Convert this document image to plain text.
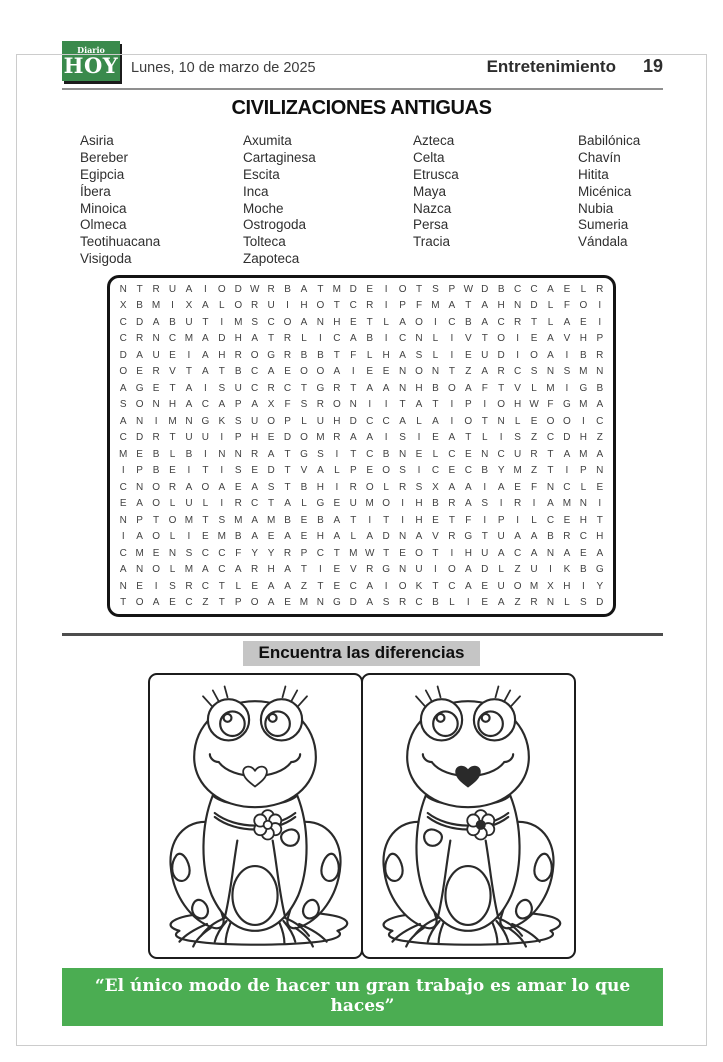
Diario
HOY Lunes, 10 de marzo de 2025	Entretenimiento 19
CIVILIZACIONES ANTIGUAS
Asiria
Bereber
Egipcia
Íbera
Minoica
Olmeca
Teotihuacana
Visigoda
Axumita
Cartaginesa
Escita
Inca
Moche
Ostrogoda
Tolteca
Zapoteca
Azteca
Celta
Etrusca
Maya
Nazca
Persa
Tracia
Babilónica
Chavín
Hitita
Micénica
Nubia
Sumeria
Vándala
N T R U A	I	O D W R B A	T M D E	I	O T	S P W D B C C A E	L	R
X B M	I	X A	L O R U	I	H O T C R	I	P	F M A	T	A H N D	L	F O	I
C D A B U T	I	M S C O A N H E	T	L	A O	I	C B A C R T	L	A E	I
C R N C M A D H A	T R	L	I	C A B	I	C N	L	I	V	T O	I	E A V H P
D A U E	I	A H R O G R B B	T	F	L	H A S	L	I	E U D	I	O A	I	B R
O E R V	T	A	T	B C A E O O A	I	E E N O N T	Z	A R C S N S M N
A G E	T	A	I	S U C R C T G R T	A A N H B O A	F	T	V	L M	I	G B
S O N H A C A P A X	F	S R O N	I	I	T	A	T	I	P	I	O H W F G M A
A N	I	M N G K S U O P	L	U H D C C A	L	A	I	O T N	L	E O O	I	C
C D R T U U	I	P H E D O M R A A	I	S	I	E A	T	L	I	S	Z C D H Z
M E B	L	B	I	N N R A	T G S	I	T C B N E	L	C E N C U R T	A M A
I	P B E	I	T	I	S E D T	V A	L	P E O S	I	C E C B Y M Z	T	I	P N
C N O R A O A E A S	T	B H	I	R O L	R S X A A	I	A E	F N C	L	E
E A O L	U	L	I	R C T	A	L G E U M O	I	H B R A S	I	R	I	A M N	I
N P	T O M T	S M A M B E B A	T	I	T	I	H E	T	F	I	P	I	L	C E H T
I	A O L	I	E M B A E A E H A	L	A D N A V R G T U A A B R C H
C M E N S C C F	Y Y R P C T M W T	E O T	I	H U A C A N A E A
A N O L M A C A R H A	T	I	E V R G N U	I	O A D	L	Z U	I	K B G
N E	I	S R C T	L	E A A	Z	T	E C A	I	O K	T C A E U O M X H	I	Y
T O A E C Z	T	P O A E M N G D A S R C B	L	I	E A	Z R N	L	S D
Encuentra las diferencias
“El único modo de hacer un gran trabajo es amar lo que haces”
